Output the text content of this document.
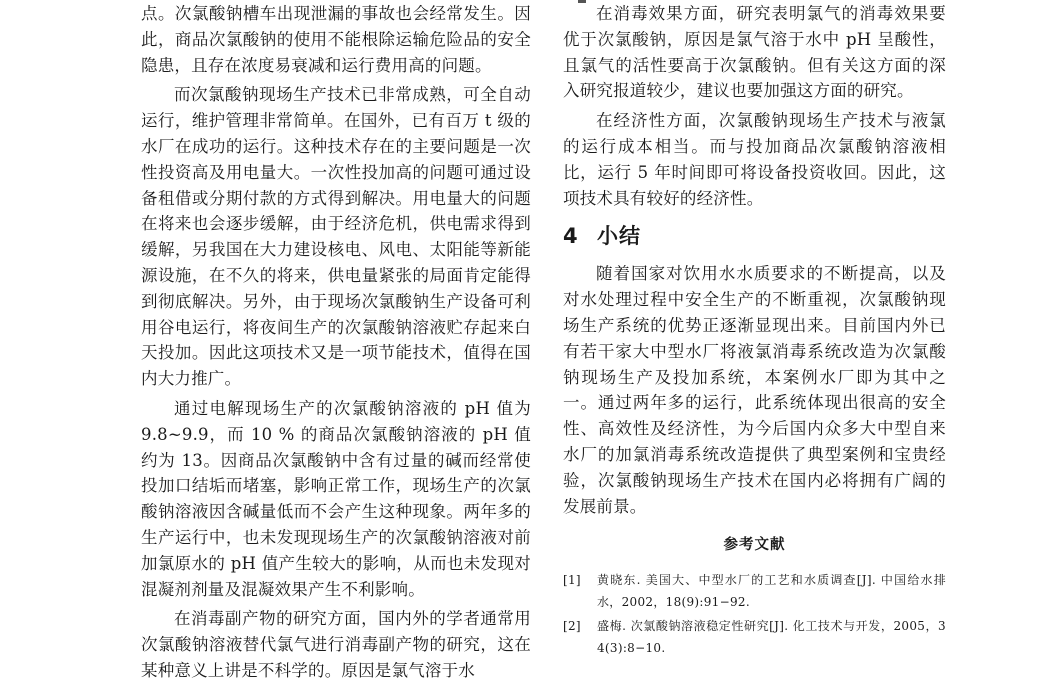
点。次氯酸钠槽车出现泄漏的事故也会经常发生。因此，商品次氯酸钠的使用不能根除运输危险品的安全隐患，且存在浓度易衰减和运行费用高的问题。

而次氯酸钠现场生产技术已非常成熟，可全自动运行，维护管理非常简单。在国外，已有百万 t 级的水厂在成功的运行。这种技术存在的主要问题是一次性投资高及用电量大。一次性投加高的问题可通过设备租借或分期付款的方式得到解决。用电量大的问题在将来也会逐步缓解，由于经济危机，供电需求得到缓解，另我国在大力建设核电、风电、太阳能等新能源设施，在不久的将来，供电量紧张的局面肯定能得到彻底解决。另外，由于现场次氯酸钠生产设备可利用谷电运行，将夜间生产的次氯酸钠溶液贮存起来白天投加。因此这项技术又是一项节能技术，值得在国内大力推广。

通过电解现场生产的次氯酸钠溶液的 pH 值为 9.8~9.9，而 10 % 的商品次氯酸钠溶液的 pH 值约为 13。因商品次氯酸钠中含有过量的碱而经常使投加口结垢而堵塞，影响正常工作，现场生产的次氯酸钠溶液因含碱量低而不会产生这种现象。两年多的生产运行中，也未发现现场生产的次氯酸钠溶液对前加氯原水的 pH 值产生较大的影响，从而也未发现对混凝剂剂量及混凝效果产生不利影响。

在消毒副产物的研究方面，国内外的学者通常用次氯酸钠溶液替代氯气进行消毒副产物的研究，这在某种意义上讲是不科学的。原因是氯气溶于水

在消毒效果方面，研究表明氯气的消毒效果要优于次氯酸钠，原因是氯气溶于水中 pH 呈酸性，且氯气的活性要高于次氯酸钠。但有关这方面的深入研究报道较少，建议也要加强这方面的研究。

在经济性方面，次氯酸钠现场生产技术与液氯的运行成本相当。而与投加商品次氯酸钠溶液相比，运行 5 年时间即可将设备投资收回。因此，这项技术具有较好的经济性。

4 小结

随着国家对饮用水水质要求的不断提高，以及对水处理过程中安全生产的不断重视，次氯酸钠现场生产系统的优势正逐渐显现出来。目前国内外已有若干家大中型水厂将液氯消毒系统改造为次氯酸钠现场生产及投加系统，本案例水厂即为其中之一。通过两年多的运行，此系统体现出很高的安全性、高效性及经济性，为今后国内众多大中型自来水厂的加氯消毒系统改造提供了典型案例和宝贵经验，次氯酸钠现场生产技术在国内必将拥有广阔的发展前景。

参考文献
[1]	黄晓东. 美国大、中型水厂的工艺和水质调查[J]. 中国给水排水，2002，18(9):91−92.
[2]	盛梅. 次氯酸钠溶液稳定性研究[J]. 化工技术与开发，2005，34(3):8−10.
